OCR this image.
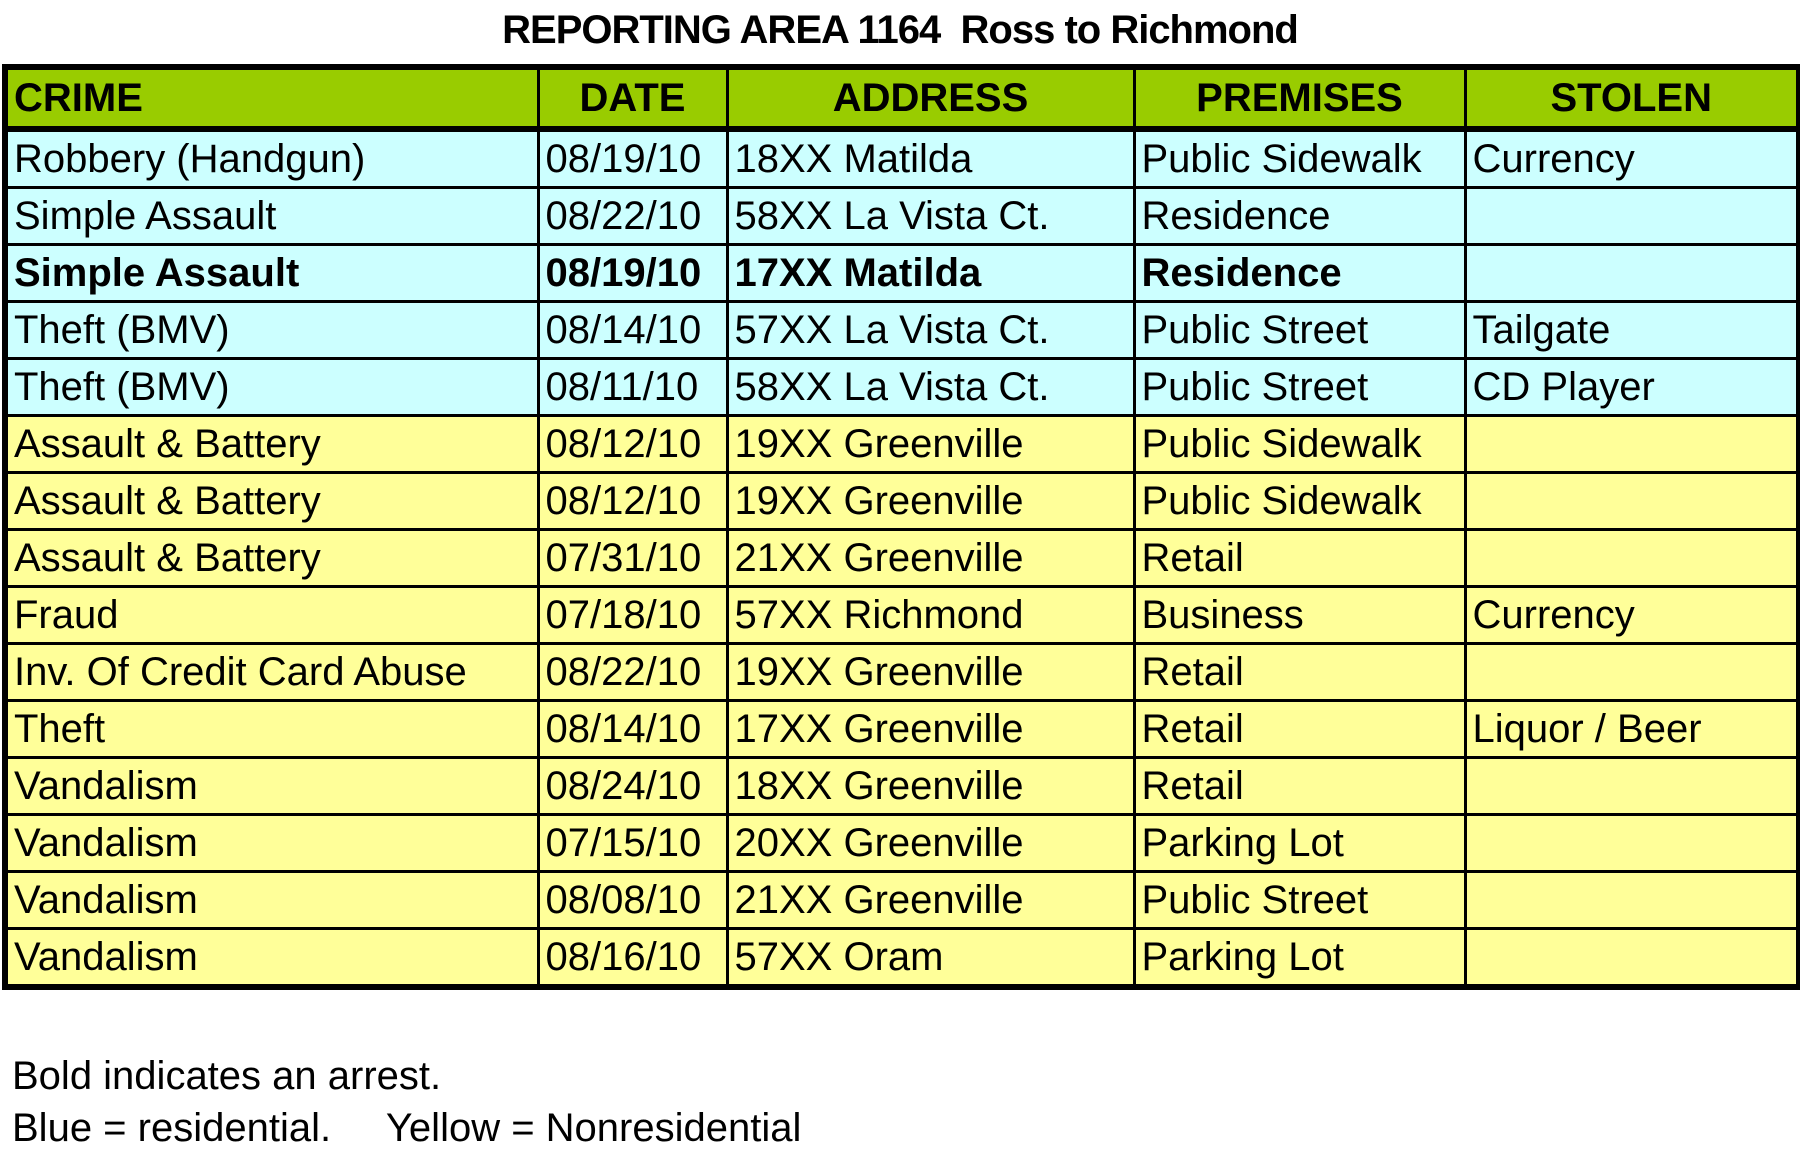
REPORTING AREA 1164  Ross to Richmond
CRIME	DATE	ADDRESS	PREMISES	STOLEN
Robbery (Handgun)	08/19/10	18XX Matilda	Public Sidewalk	Currency
Simple Assault	08/22/10	58XX La Vista Ct.	Residence	
Simple Assault	08/19/10	17XX Matilda	Residence	
Theft (BMV)	08/14/10	57XX La Vista Ct.	Public Street	Tailgate
Theft (BMV)	08/11/10	58XX La Vista Ct.	Public Street	CD Player
Assault & Battery	08/12/10	19XX Greenville	Public Sidewalk	
Assault & Battery	08/12/10	19XX Greenville	Public Sidewalk	
Assault & Battery	07/31/10	21XX Greenville	Retail	
Fraud	07/18/10	57XX Richmond	Business	Currency
Inv. Of Credit Card Abuse	08/22/10	19XX Greenville	Retail	
Theft	08/14/10	17XX Greenville	Retail	Liquor / Beer
Vandalism	08/24/10	18XX Greenville	Retail	
Vandalism	07/15/10	20XX Greenville	Parking Lot	
Vandalism	08/08/10	21XX Greenville	Public Street	
Vandalism	08/16/10	57XX Oram	Parking Lot	
Bold indicates an arrest.
Blue = residential.     Yellow = Nonresidential
